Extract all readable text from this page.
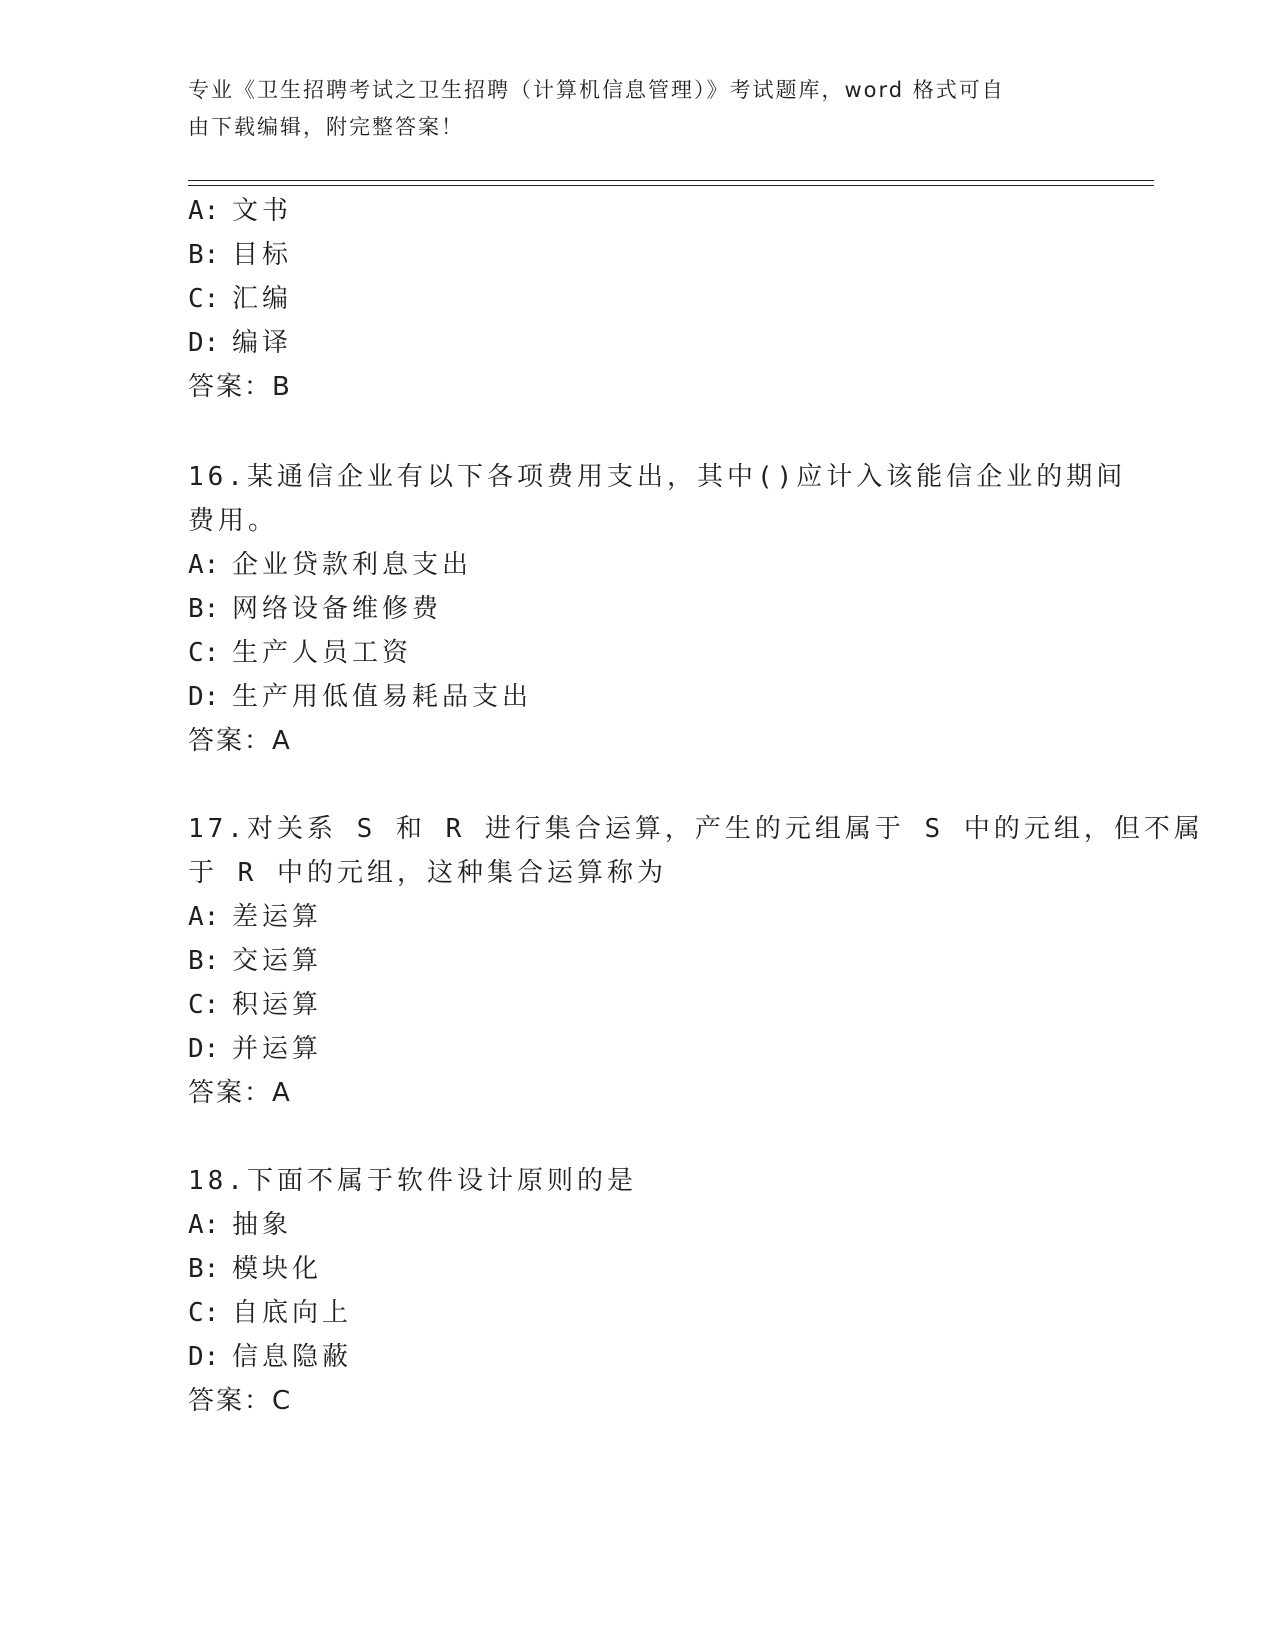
专业《卫生招聘考试之卫生招聘（计算机信息管理）》考试题库，word 格式可自
由下载编辑，附完整答案！
A: 文书
B: 目标
C: 汇编
D: 编译
答案：B
16.某通信企业有以下各项费用支出，其中()应计入该能信企业的期间
费用。
A: 企业贷款利息支出
B: 网络设备维修费
C: 生产人员工资
D: 生产用低值易耗品支出
答案：A
17.对关系 S 和 R 进行集合运算，产生的元组属于 S 中的元组，但不属
于 R 中的元组，这种集合运算称为
A: 差运算
B: 交运算
C: 积运算
D: 并运算
答案：A
18.下面不属于软件设计原则的是
A: 抽象
B: 模块化
C: 自底向上
D: 信息隐蔽
答案：C
